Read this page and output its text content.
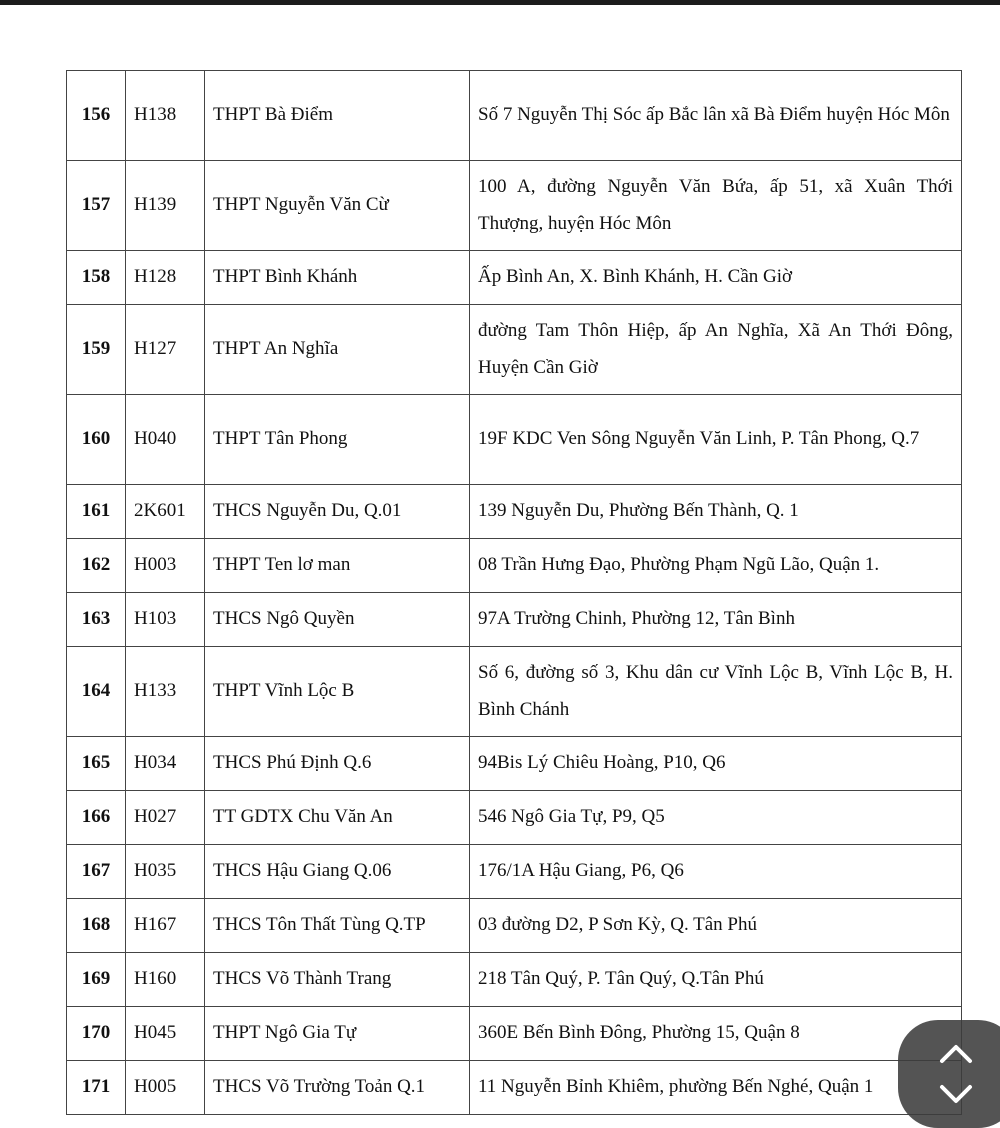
156	H138	THPT Bà Điểm	Số 7 Nguyễn Thị Sóc ấp Bắc lân xã Bà Điểm huyện Hóc Môn
157	H139	THPT Nguyễn Văn Cừ	100 A, đường Nguyễn Văn Bứa, ấp 51, xã Xuân Thới Thượng, huyện Hóc Môn
158	H128	THPT Bình Khánh	Ấp Bình An, X. Bình Khánh, H. Cần Giờ
159	H127	THPT An Nghĩa	đường Tam Thôn Hiệp, ấp An Nghĩa, Xã An Thới Đông, Huyện Cần Giờ
160	H040	THPT Tân Phong	19F KDC Ven Sông Nguyễn Văn Linh, P. Tân Phong, Q.7
161	2K601	THCS Nguyễn Du, Q.01	139 Nguyễn Du, Phường Bến Thành, Q. 1
162	H003	THPT Ten lơ man	08 Trần Hưng Đạo, Phường Phạm Ngũ Lão, Quận 1.
163	H103	THCS Ngô Quyền	97A Trường Chinh, Phường 12, Tân Bình
164	H133	THPT Vĩnh Lộc B	Số 6, đường số 3, Khu dân cư Vĩnh Lộc B, Vĩnh Lộc B, H. Bình Chánh
165	H034	THCS Phú Định Q.6	94Bis Lý Chiêu Hoàng, P10, Q6
166	H027	TT GDTX Chu Văn An	546 Ngô Gia Tự, P9, Q5
167	H035	THCS Hậu Giang Q.06	176/1A Hậu Giang, P6, Q6
168	H167	THCS Tôn Thất Tùng Q.TP	03 đường D2, P Sơn Kỳ, Q. Tân Phú
169	H160	THCS Võ Thành Trang	218 Tân Quý, P. Tân Quý, Q.Tân Phú
170	H045	THPT Ngô Gia Tự	360E Bến Bình Đông, Phường 15, Quận 8
171	H005	THCS Võ Trường Toản Q.1	11 Nguyễn Bỉnh Khiêm, phường Bến Nghé, Quận 1
